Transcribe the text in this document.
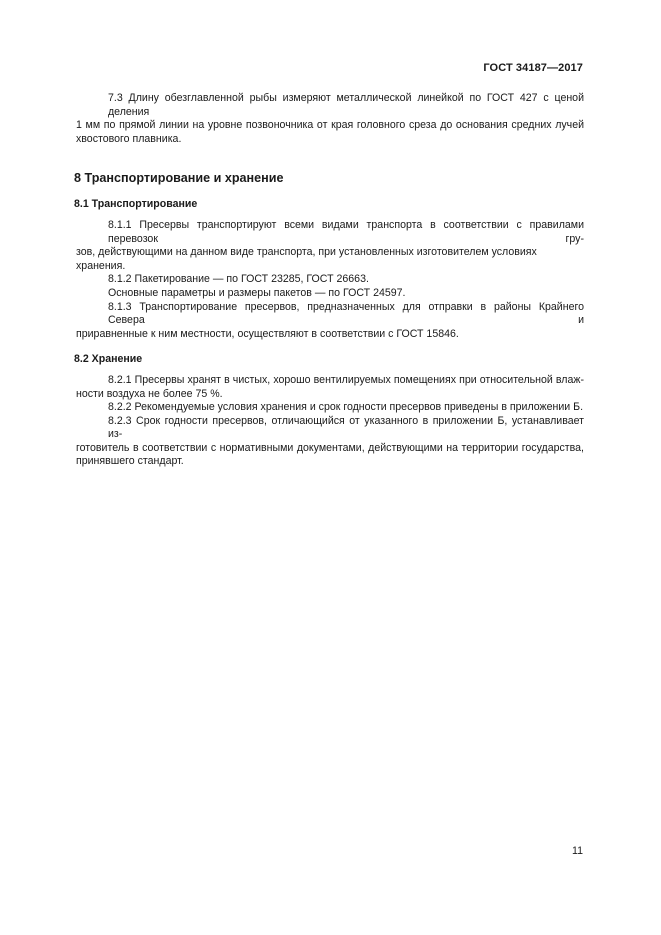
ГОСТ 34187—2017
7.3 Длину обезглавленной рыбы измеряют металлической линейкой по ГОСТ 427 с ценой деления
1 мм по прямой линии на уровне позвоночника от края головного среза до основания средних лучей
хвостового плавника.
8 Транспортирование и хранение
8.1 Транспортирование
8.1.1 Пресервы транспортируют всеми видами транспорта в соответствии с правилами перевозок гру-
зов, действующими на данном виде транспорта, при установленных изготовителем условиях хранения.
8.1.2 Пакетирование — по ГОСТ 23285, ГОСТ 26663.
Основные параметры и размеры пакетов — по ГОСТ 24597.
8.1.3 Транспортирование пресервов, предназначенных для отправки в районы Крайнего Севера и
приравненные к ним местности, осуществляют в соответствии с ГОСТ 15846.
8.2 Хранение
8.2.1 Пресервы хранят в чистых, хорошо вентилируемых помещениях при относительной влаж-
ности воздуха не более 75 %.
8.2.2 Рекомендуемые условия хранения и срок годности пресервов приведены в приложении Б.
8.2.3 Срок годности пресервов, отличающийся от указанного в приложении Б, устанавливает из-
готовитель в соответствии с нормативными документами, действующими на территории государства,
принявшего стандарт.
11
